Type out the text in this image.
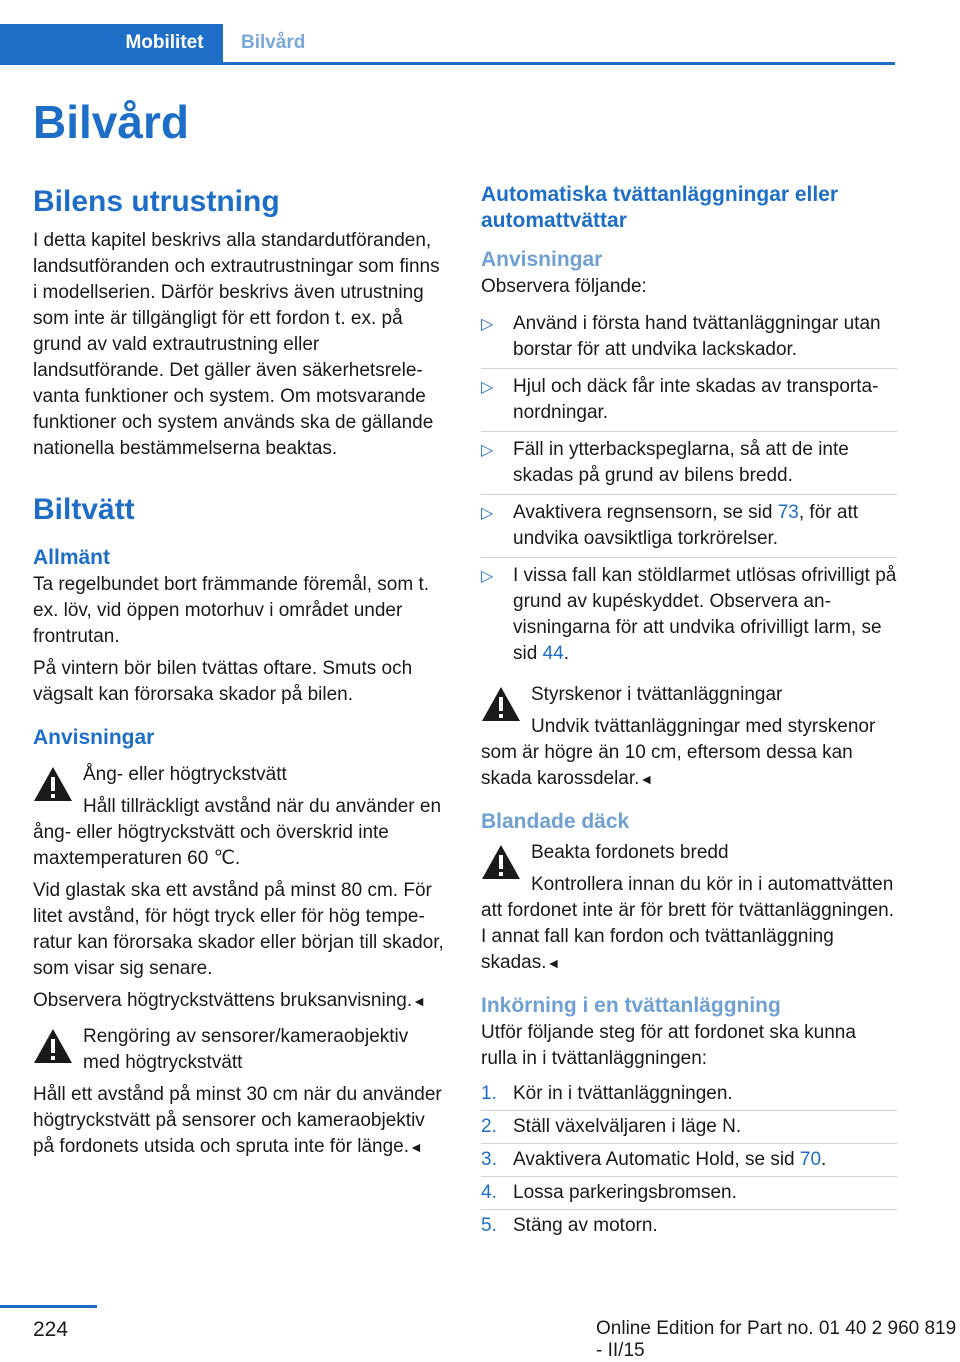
Mobilitet	Bilvård
Bilvård
Bilens utrustning

I detta kapitel beskrivs alla standardutföranden, landsutföranden och extrautrustningar som finns i modellserien. Därför beskrivs även utrustning som inte är tillgängligt för ett fordon t. ex. på grund av vald extrautrustning eller landsutförande. Det gäller även säkerhetsrelevanta funktioner och system. Om motsvarande funktioner och system används ska de gällande nationella bestämmelserna beaktas.

Biltvätt
Allmänt

Ta regelbundet bort främmande föremål, som t. ex. löv, vid öppen motorhuv i området under frontrutan.

På vintern bör bilen tvättas oftare. Smuts och vägsalt kan förorsaka skador på bilen.

Anvisningar
Ång- eller högtryckstvätt
Håll tillräckligt avstånd när du använder en ång- eller högtryckstvätt och överskrid inte maxtemperaturen 60 ℃.

Vid glastak ska ett avstånd på minst 80 cm. För litet avstånd, för högt tryck eller för hög temperatur kan förorsaka skador eller början till skador, som visar sig senare.

Observera högtryckstvättens bruksanvisning.◄

Rengöring av sensorer/kameraobjektiv med högtryckstvätt
Håll ett avstånd på minst 30 cm när du använder högtryckstvätt på sensorer och kameraobjektiv på fordonets utsida och spruta inte för länge.◄
Automatiska tvättanläggningar eller automattvättar
Anvisningar

Observera följande:

▷ Använd i första hand tvättanläggningar utan borstar för att undvika lackskador.
▷ Hjul och däck får inte skadas av transportanordningar.
▷ Fäll in ytterbackspeglarna, så att de inte skadas på grund av bilens bredd.
▷ Avaktivera regnsensorn, se sid 73, för att undvika oavsiktliga torkrörelser.
▷ I vissa fall kan stöldlarmet utlösas ofrivilligt på grund av kupéskyddet. Observera anvisningarna för att undvika ofrivilligt larm, se sid 44.
Styrskenor i tvättanläggningar
Undvik tvättanläggningar med styrskenor som är högre än 10 cm, eftersom dessa kan skada karossdelar.◄
Blandade däck
Beakta fordonets bredd
Kontrollera innan du kör in i automattvätten att fordonet inte är för brett för tvättanläggningen. I annat fall kan fordon och tvättanläggning skadas.◄
Inkörning i en tvättanläggning

Utför följande steg för att fordonet ska kunna rulla in i tvättanläggningen:

1. Kör in i tvättanläggningen.
2. Ställ växelväljaren i läge N.
3. Avaktivera Automatic Hold, se sid 70.
4. Lossa parkeringsbromsen.
5. Stäng av motorn.
224	Online Edition for Part no. 01 40 2 960 819 - II/15
